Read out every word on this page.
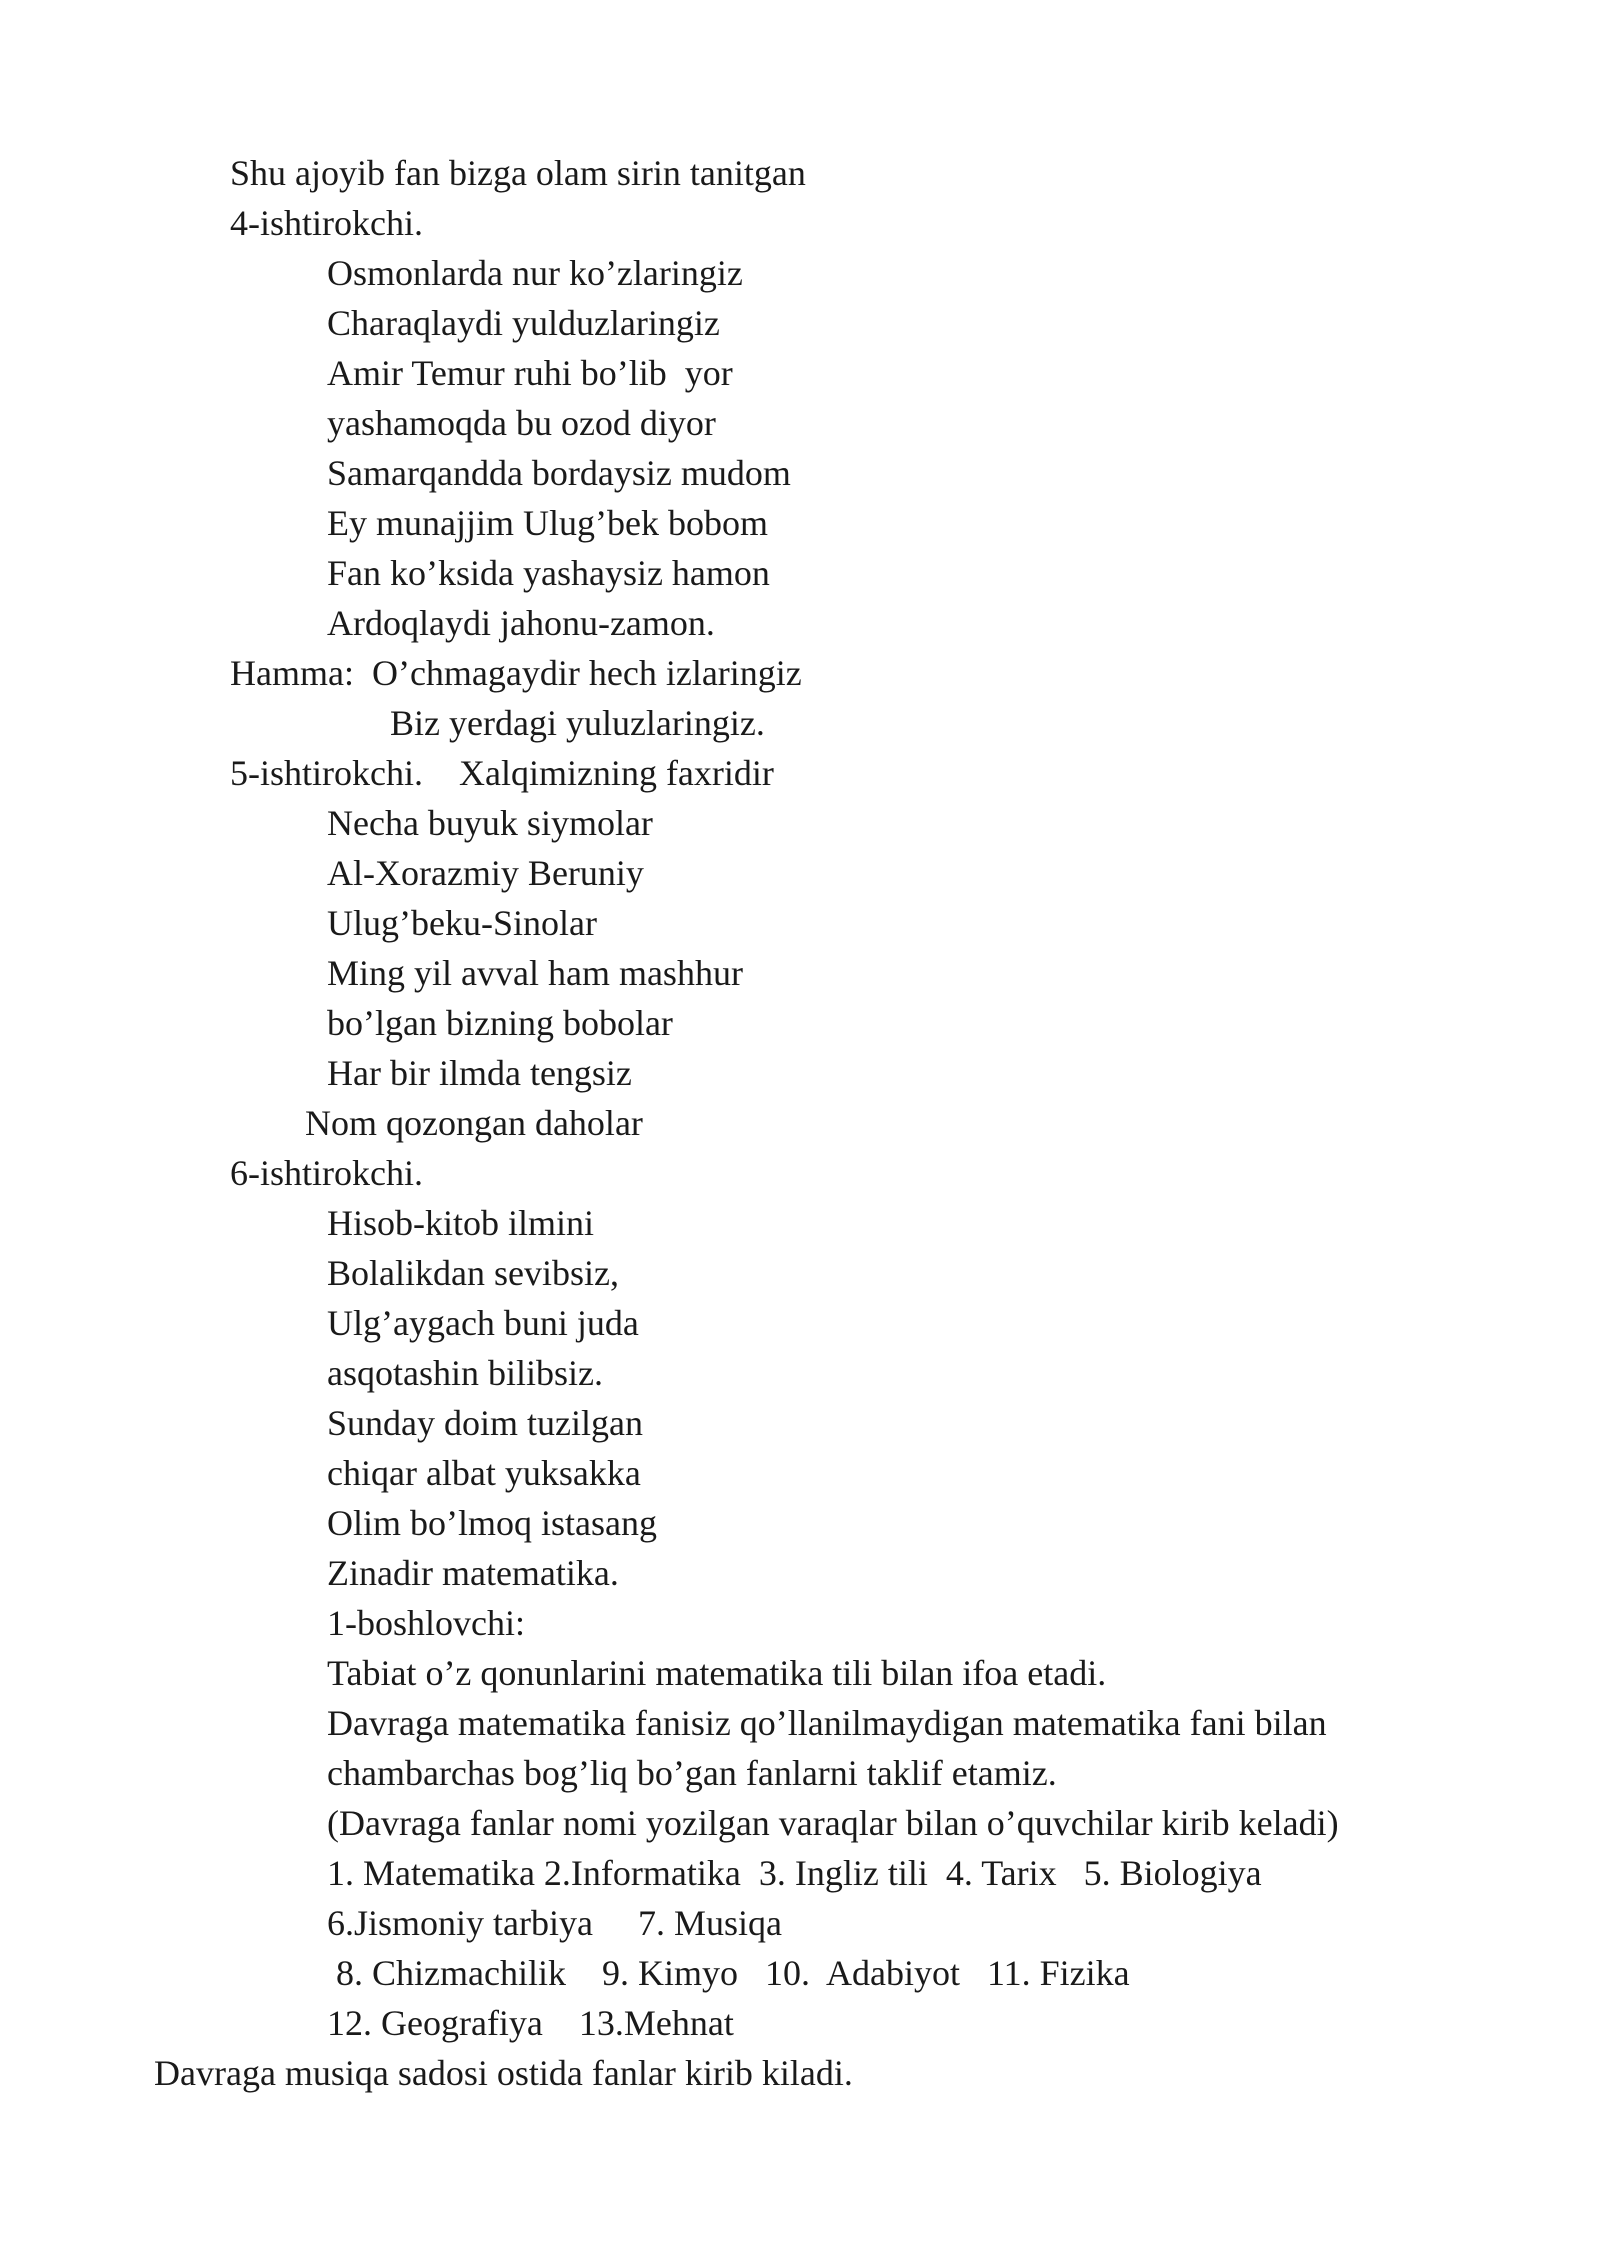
Shu ajoyib fan bizga olam sirin tanitgan

4-ishtirokchi.

Osmonlarda nur ko’zlaringiz

Charaqlaydi yulduzlaringiz

Amir Temur ruhi bo’lib  yor

yashamoqda bu ozod diyor

Samarqandda bordaysiz mudom

Ey munajjim Ulug’bek bobom

Fan ko’ksida yashaysiz hamon

Ardoqlaydi jahonu-zamon.

Hamma:  O’chmagaydir hech izlaringiz

Biz yerdagi yuluzlaringiz.

5-ishtirokchi.    Xalqimizning faxridir

Necha buyuk siymolar

Al-Xorazmiy Beruniy

Ulug’beku-Sinolar

Ming yil avval ham mashhur

bo’lgan bizning bobolar

Har bir ilmda tengsiz

Nom qozongan daholar

6-ishtirokchi.

Hisob-kitob ilmini

Bolalikdan sevibsiz,

Ulg’aygach buni juda

asqotashin bilibsiz.

Sunday doim tuzilgan

chiqar albat yuksakka

Olim bo’lmoq istasang

Zinadir matematika.

1-boshlovchi:

Tabiat o’z qonunlarini matematika tili bilan ifoa etadi.

Davraga matematika fanisiz qo’llanilmaydigan matematika fani bilan

chambarchas bog’liq bo’gan fanlarni taklif etamiz.

(Davraga fanlar nomi yozilgan varaqlar bilan o’quvchilar kirib keladi)

1. Matematika 2.Informatika  3. Ingliz tili  4. Tarix   5. Biologiya

6.Jismoniy tarbiya     7. Musiqa

8. Chizmachilik    9. Kimyo   10.  Adabiyot   11. Fizika

12. Geografiya    13.Mehnat

Davraga musiqa sadosi ostida fanlar kirib kiladi.
